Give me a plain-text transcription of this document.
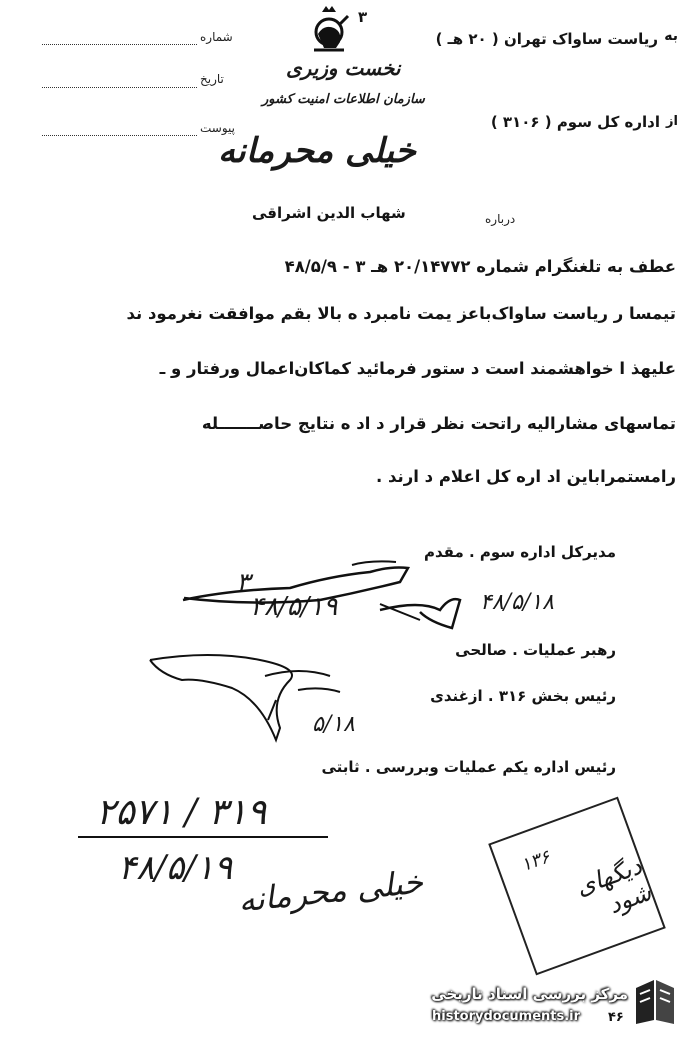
به
ریاست ساواک تهران ( ۲۰ هـ )
شماره
تاریخ
پیوست
۳
نخست وزیری
سازمان اطلاعات امنیت کشور
از
اداره کل سوم ( ۳۱۰۶ )
خیلی محرمانه
درباره
شهاب الدین اشراقی
عطف به تلغنگرام شماره ۲۰/۱۴۷۷۲ هـ ۳ - ۴۸/۵/۹
تیمسا ر ریاست ساواک‌باعز یمت نامبرد ه بالا بقم موافقت نغرمود ند
علیهذ ا خواهشمند است د ستور فرمائید کماکان‌اعمال ورفتار و ـ
تماسهای مشارالیه راتحت نظر قرار د اد ه نتایج حاصـــــــله
رامستمراباین اد اره کل اعلام د ارند .
مدیرکل اداره سوم . مقدم
۳
۴۸/۵/۱۹	۴۸/۵/۱۸
رهبر عملیات . صالحی
رئیس بخش ۳۱۶ . ازغندی
۵/۱۸
رئیس اداره یکم عملیات وبررسی . ثابتی
۲۵۷۱ / ۳۱۹
۴۸/۵/۱۹ خیلی محرمانه
۱۳۶ دیگهای شود
مرکز بررسی اسناد تاریخی
historydocuments.ir ۴۶
